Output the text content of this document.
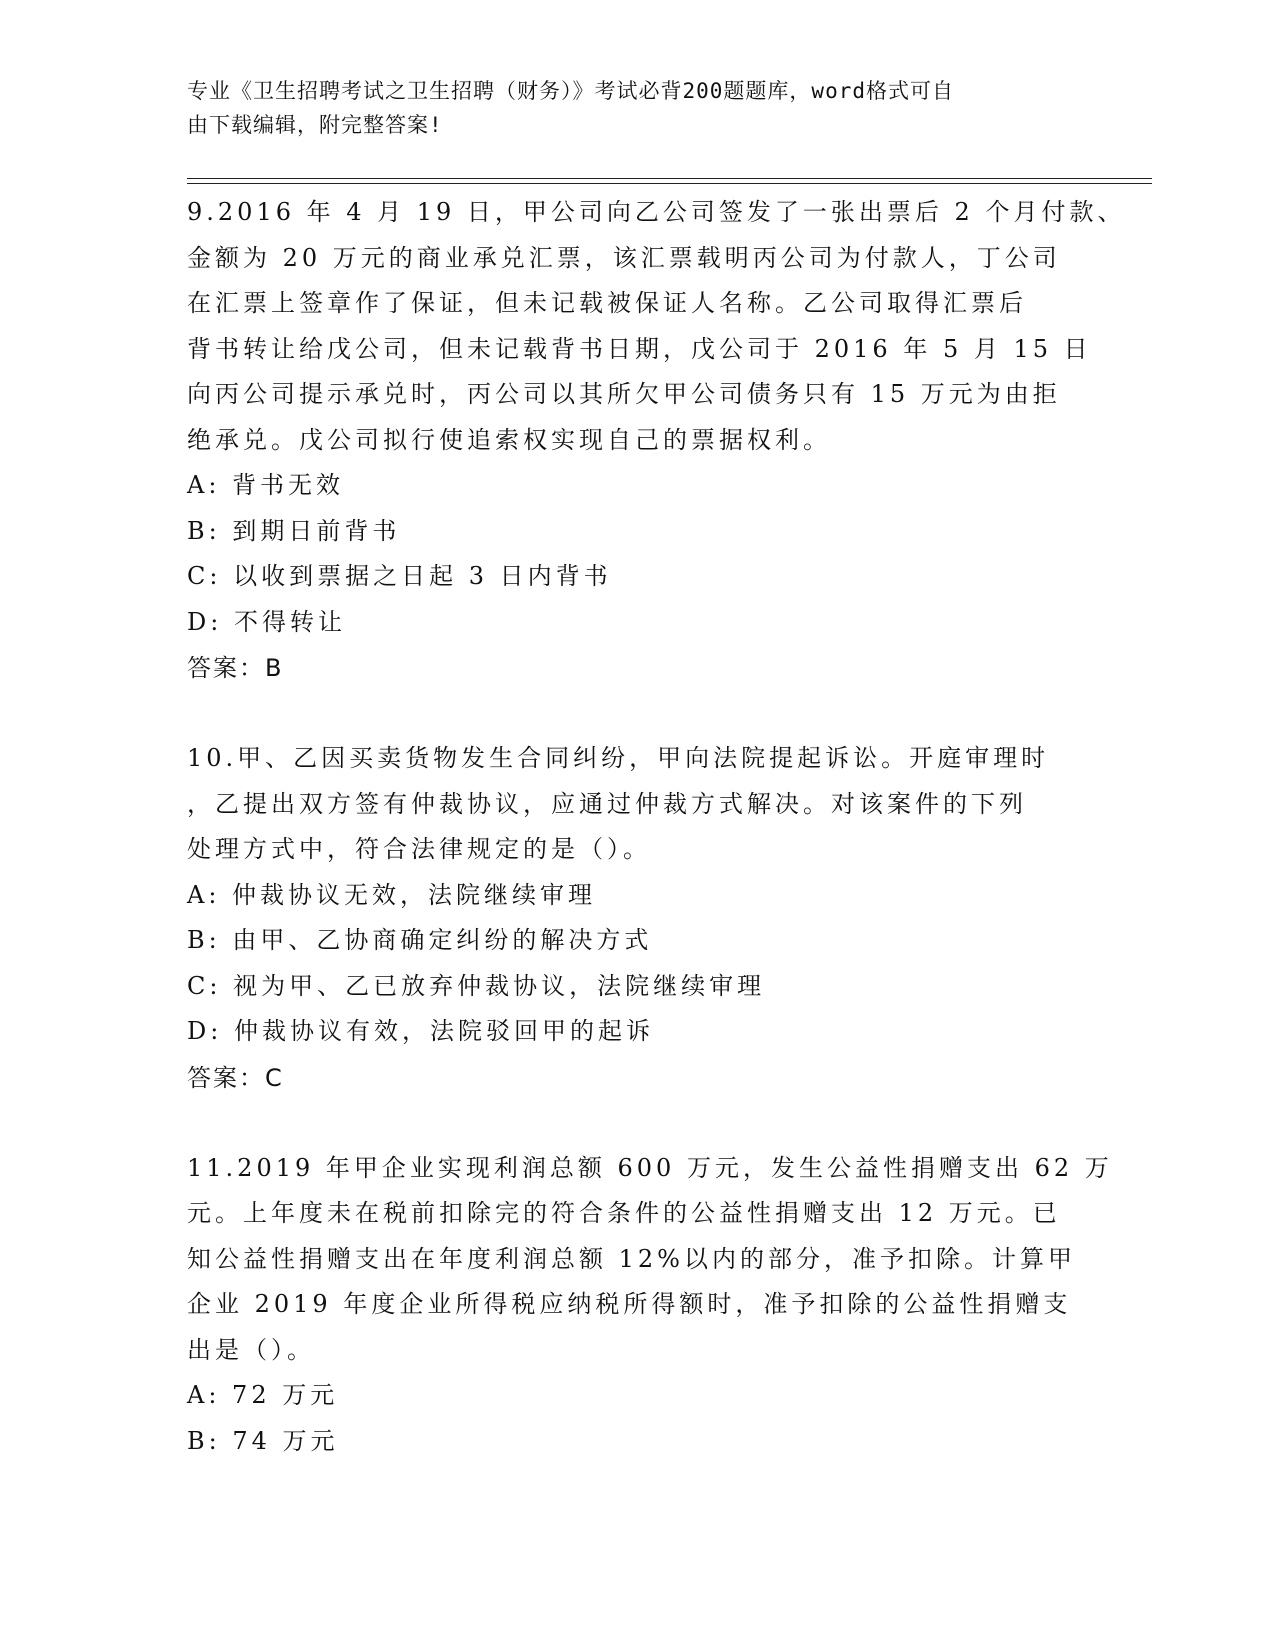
专业《卫生招聘考试之卫生招聘（财务）》考试必背200题题库，word格式可自
由下载编辑，附完整答案!
9.2016 年 4 月 19 日，甲公司向乙公司签发了一张出票后 2 个月付款、
金额为 20 万元的商业承兑汇票，该汇票载明丙公司为付款人，丁公司
在汇票上签章作了保证，但未记载被保证人名称。乙公司取得汇票后
背书转让给戊公司，但未记载背书日期，戊公司于 2016 年 5 月 15 日
向丙公司提示承兑时，丙公司以其所欠甲公司债务只有 15 万元为由拒
绝承兑。戊公司拟行使追索权实现自己的票据权利。
A: 背书无效
B: 到期日前背书
C: 以收到票据之日起 3 日内背书
D: 不得转让
答案：B
10.甲、乙因买卖货物发生合同纠纷，甲向法院提起诉讼。开庭审理时
，乙提出双方签有仲裁协议，应通过仲裁方式解决。对该案件的下列
处理方式中，符合法律规定的是（）。
A: 仲裁协议无效，法院继续审理
B: 由甲、乙协商确定纠纷的解决方式
C: 视为甲、乙已放弃仲裁协议，法院继续审理
D: 仲裁协议有效，法院驳回甲的起诉
答案：C
11.2019 年甲企业实现利润总额 600 万元，发生公益性捐赠支出 62 万
元。上年度未在税前扣除完的符合条件的公益性捐赠支出 12 万元。已
知公益性捐赠支出在年度利润总额 12%以内的部分，准予扣除。计算甲
企业 2019 年度企业所得税应纳税所得额时，准予扣除的公益性捐赠支
出是（）。
A: 72 万元
B: 74 万元
